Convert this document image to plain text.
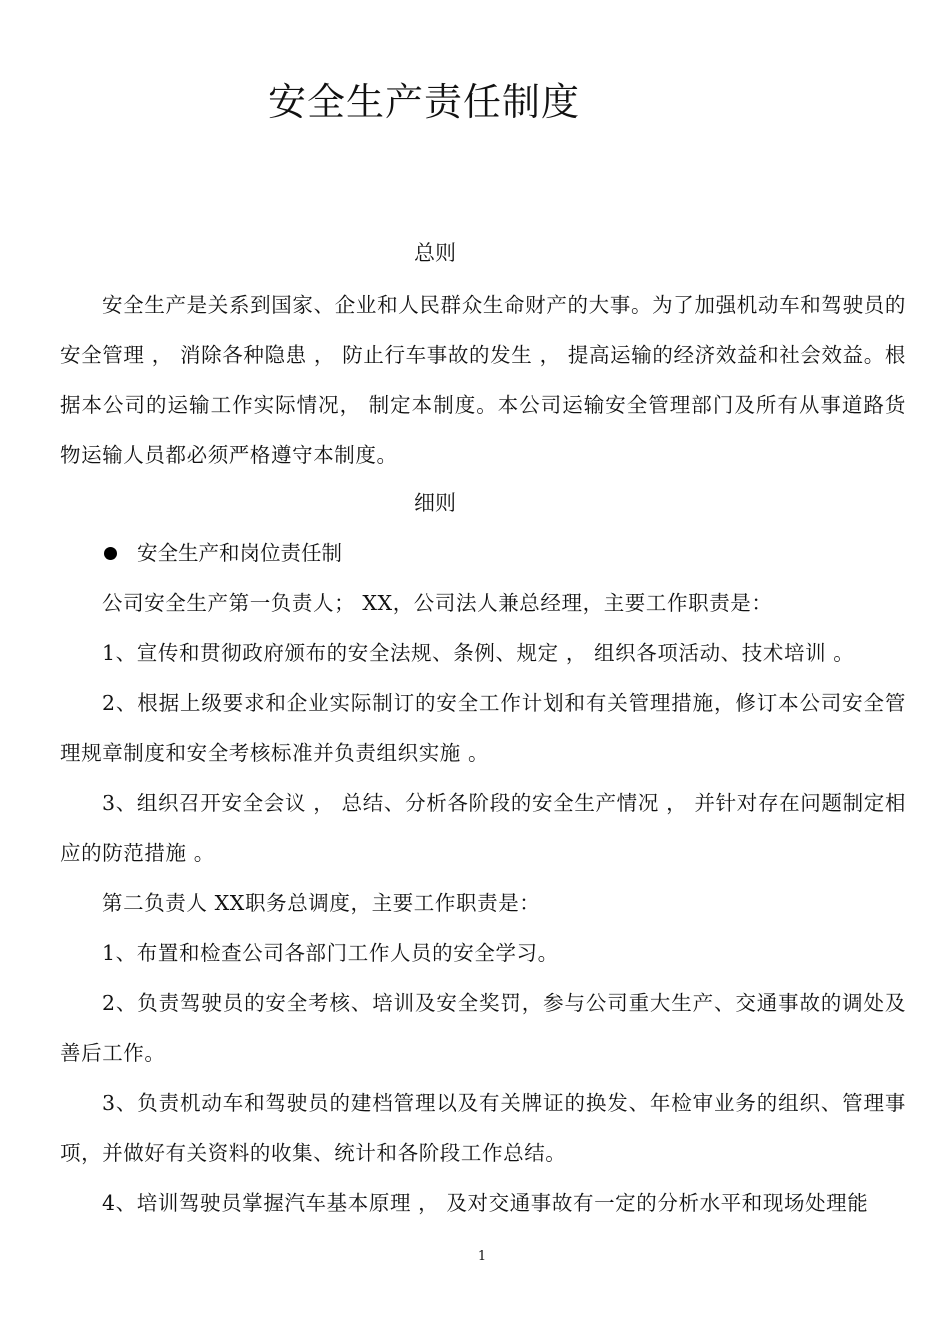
安全生产责任制度
总则

安全生产是关系到国家、企业和人民群众生命财产的大事。为了加强机动车和驾驶员的安全管理 ， 消除各种隐患 ， 防止行车事故的发生 ， 提高运输的经济效益和社会效益。根据本公司的运输工作实际情况， 制定本制度。本公司运输安全管理部门及所有从事道路货物运输人员都必须严格遵守本制度。

细则
安全生产和岗位责任制

公司安全生产第一负责人； XX，公司法人兼总经理，主要工作职责是：

1、宣传和贯彻政府颁布的安全法规、条例、规定 ， 组织各项活动、技术培训 。

2、根据上级要求和企业实际制订的安全工作计划和有关管理措施，修订本公司安全管理规章制度和安全考核标准并负责组织实施 。

3、组织召开安全会议 ， 总结、分析各阶段的安全生产情况 ， 并针对存在问题制定相应的防范措施 。

第二负责人 XX职务总调度，主要工作职责是：

1、布置和检查公司各部门工作人员的安全学习。

2、负责驾驶员的安全考核、培训及安全奖罚，参与公司重大生产、交通事故的调处及善后工作。

3、负责机动车和驾驶员的建档管理以及有关牌证的换发、年检审业务的组织、管理事项，并做好有关资料的收集、统计和各阶段工作总结。

4、培训驾驶员掌握汽车基本原理 ， 及对交通事故有一定的分析水平和现场处理能

1
